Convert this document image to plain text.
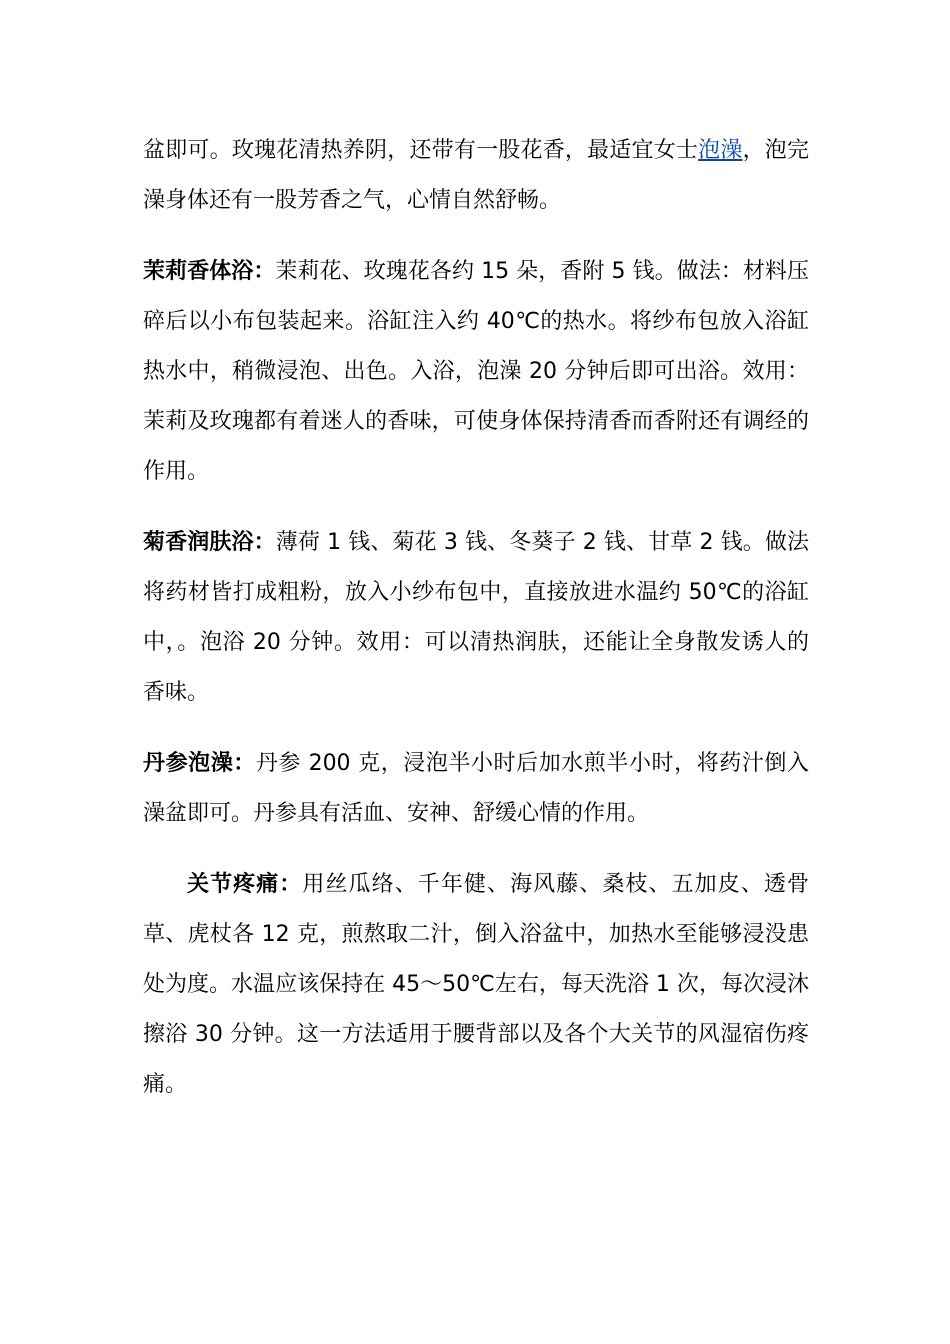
盆即可。玫瑰花清热养阴，还带有一股花香，最适宜女士泡澡，泡完澡身体还有一股芳香之气，心情自然舒畅。

茉莉香体浴：茉莉花、玫瑰花各约 15 朵，香附 5 钱。做法：材料压碎后以小布包装起来。浴缸注入约 40℃的热水。将纱布包放入浴缸热水中，稍微浸泡、出色。入浴，泡澡 20 分钟后即可出浴。效用：茉莉及玫瑰都有着迷人的香味，可使身体保持清香而香附还有调经的作用。

菊香润肤浴：薄荷 1 钱、菊花 3 钱、冬葵子 2 钱、甘草 2 钱。做法将药材皆打成粗粉，放入小纱布包中，直接放进水温约 50℃的浴缸中，。泡浴 20 分钟。效用：可以清热润肤，还能让全身散发诱人的香味。

丹参泡澡：丹参 200 克，浸泡半小时后加水煎半小时，将药汁倒入澡盆即可。丹参具有活血、安神、舒缓心情的作用。

关节疼痛：用丝瓜络、千年健、海风藤、桑枝、五加皮、透骨草、虎杖各 12 克，煎熬取二汁，倒入浴盆中，加热水至能够浸没患处为度。水温应该保持在 45～50℃左右，每天洗浴 1 次，每次浸沐擦浴 30 分钟。这一方法适用于腰背部以及各个大关节的风湿宿伤疼痛。
